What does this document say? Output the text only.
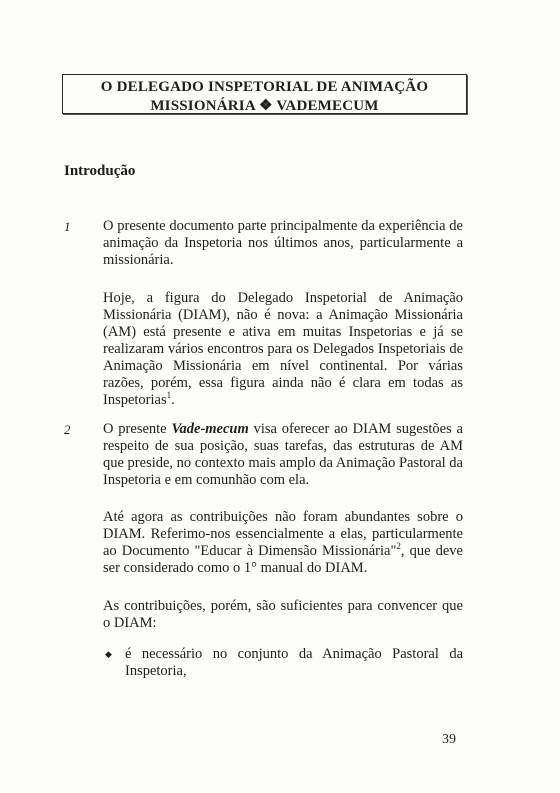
O DELEGADO INSPETORIAL DE ANIMAÇÃO
MISSIONÁRIA ❖ VADEMECUM
Introdução
1 O presente documento parte principalmente da experiência de animação da Inspetoria nos últimos anos, particularmente a missionária.

Hoje, a figura do Delegado Inspetorial de Animação Missionária (DIAM), não é nova: a Animação Missionária (AM) está presente e ativa em muitas Inspetorias e já se realizaram vários encontros para os Delegados Inspetoriais de Animação Missionária em nível continental. Por várias razões, porém, essa figura ainda não é clara em todas as Inspetorias$^1$.

2 O presente Vade-mecum visa oferecer ao DIAM sugestões a respeito de sua posição, suas tarefas, das estruturas de AM que preside, no contexto mais amplo da Animação Pastoral da Inspetoria e em comunhão com ela.

Até agora as contribuições não foram abundantes sobre o DIAM. Referimo-nos essencialmente a elas, particularmente ao Documento "Educar à Dimensão Missionária"$^2$, que deve ser considerado como o 1° manual do DIAM.

As contribuições, porém, são suficientes para convencer que o DIAM:

◆ é necessário no conjunto da Animação Pastoral da Inspetoria,
39
